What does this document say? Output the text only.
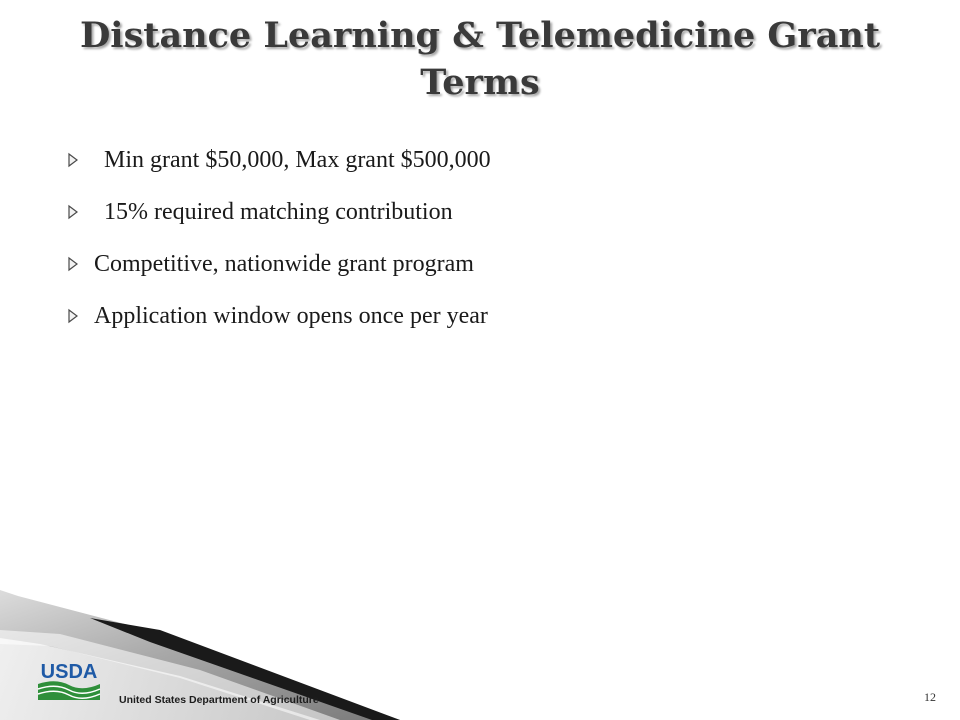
Distance Learning & Telemedicine Grant Terms
Min grant $50,000, Max grant $500,000
15% required matching contribution
Competitive, nationwide grant program
Application window opens once per year
USDA
United States Department of Agriculture	12
